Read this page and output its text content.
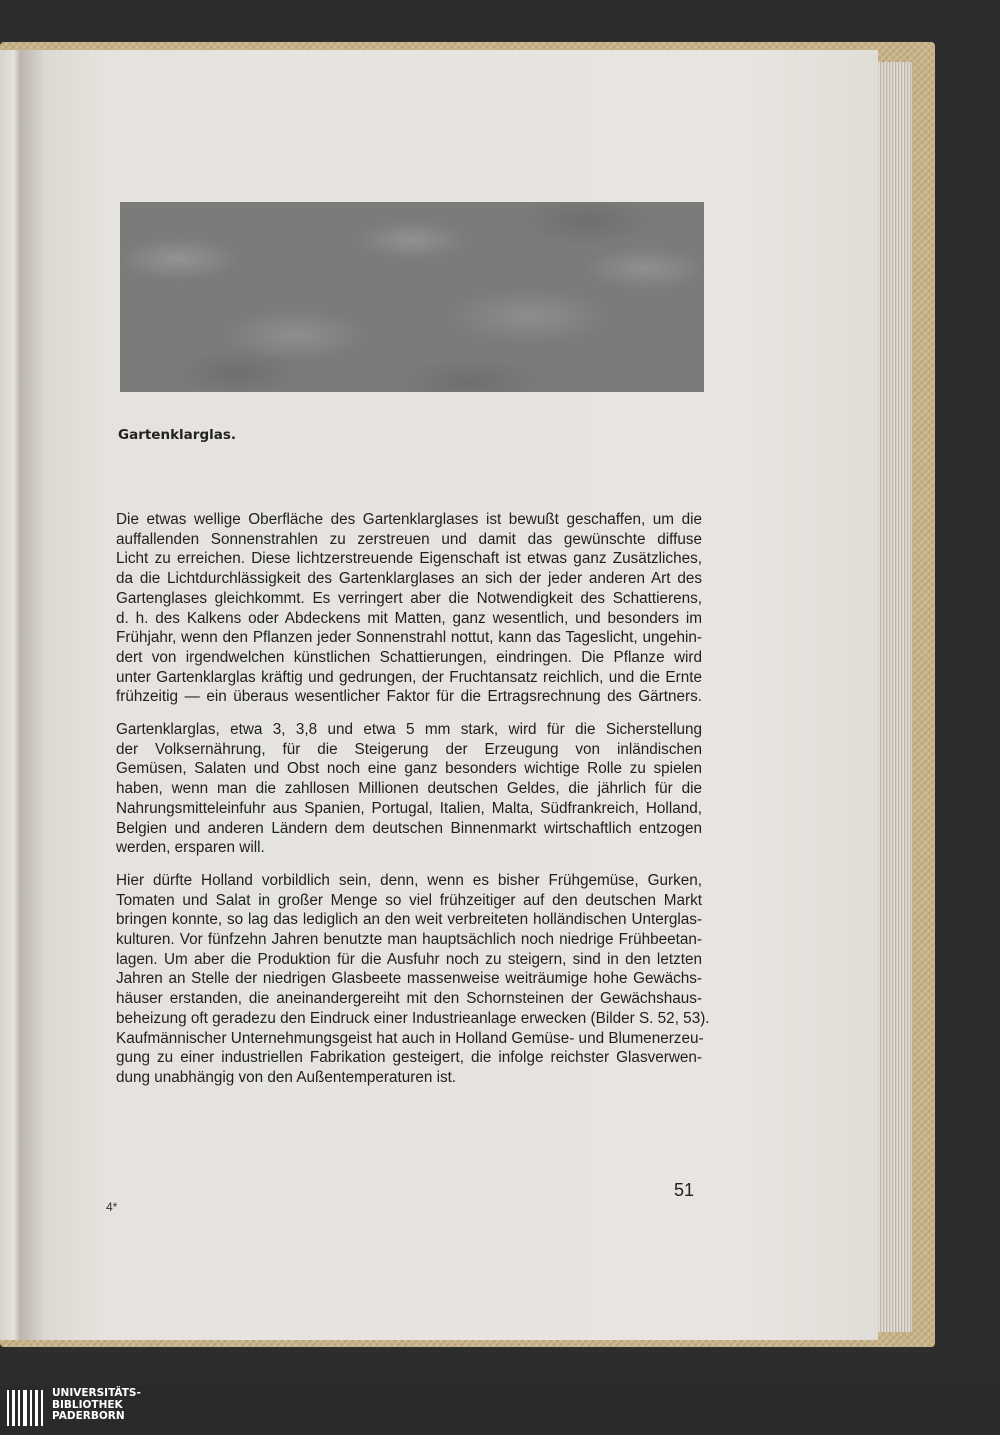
Gartenklarglas.

Die etwas wellige Oberfläche des Gartenklarglases ist bewußt geschaffen, um die
auffallenden Sonnenstrahlen zu zerstreuen und damit das gewünschte diffuse
Licht zu erreichen. Diese lichtzerstreuende Eigenschaft ist etwas ganz Zusätzliches,
da die Lichtdurchlässigkeit des Gartenklarglases an sich der jeder anderen Art des
Gartenglases gleichkommt. Es verringert aber die Notwendigkeit des Schattierens,
d. h. des Kalkens oder Abdeckens mit Matten, ganz wesentlich, und besonders im
Frühjahr, wenn den Pflanzen jeder Sonnenstrahl nottut, kann das Tageslicht, ungehin-
dert von irgendwelchen künstlichen Schattierungen, eindringen. Die Pflanze wird
unter Gartenklarglas kräftig und gedrungen, der Fruchtansatz reichlich, und die Ernte
frühzeitig — ein überaus wesentlicher Faktor für die Ertragsrechnung des Gärtners.

Gartenklarglas, etwa 3, 3,8 und etwa 5 mm stark, wird für die Sicherstellung
der Volksernährung, für die Steigerung der Erzeugung von inländischen
Gemüsen, Salaten und Obst noch eine ganz besonders wichtige Rolle zu spielen
haben, wenn man die zahllosen Millionen deutschen Geldes, die jährlich für die
Nahrungsmitteleinfuhr aus Spanien, Portugal, Italien, Malta, Südfrankreich, Holland,
Belgien und anderen Ländern dem deutschen Binnenmarkt wirtschaftlich entzogen
werden, ersparen will.

Hier dürfte Holland vorbildlich sein, denn, wenn es bisher Frühgemüse, Gurken,
Tomaten und Salat in großer Menge so viel frühzeitiger auf den deutschen Markt
bringen konnte, so lag das lediglich an den weit verbreiteten holländischen Unterglas-
kulturen. Vor fünfzehn Jahren benutzte man hauptsächlich noch niedrige Frühbeetan-
lagen. Um aber die Produktion für die Ausfuhr noch zu steigern, sind in den letzten
Jahren an Stelle der niedrigen Glasbeete massenweise weiträumige hohe Gewächs-
häuser erstanden, die aneinandergereiht mit den Schornsteinen der Gewächshaus-
beheizung oft geradezu den Eindruck einer Industrieanlage erwecken (Bilder S. 52, 53).
Kaufmännischer Unternehmungsgeist hat auch in Holland Gemüse- und Blumenerzeu-
gung zu einer industriellen Fabrikation gesteigert, die infolge reichster Glasverwen-
dung unabhängig von den Außentemperaturen ist.

51
4*
UNIVERSITÄTS-
BIBLIOTHEK
PADERBORN
